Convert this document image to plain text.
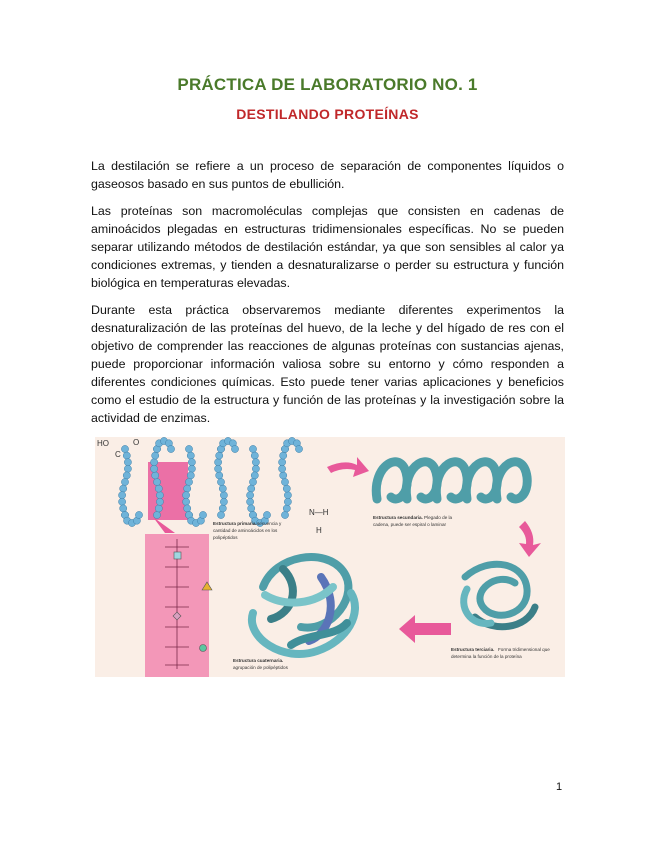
PRÁCTICA DE LABORATORIO NO. 1
DESTILANDO PROTEÍNAS

La destilación se refiere a un proceso de separación de componentes líquidos o gaseosos basado en sus puntos de ebullición.

Las proteínas son macromoléculas complejas que consisten en cadenas de aminoácidos plegadas en estructuras tridimensionales específicas. No se pueden separar utilizando métodos de destilación estándar, ya que son sensibles al calor ya condiciones extremas, y tienden a desnaturalizarse o perder su estructura y función biológica en temperaturas elevadas.

Durante esta práctica observaremos mediante diferentes experimentos la desnaturalización de las proteínas del huevo, de la leche y del hígado de res con el objetivo de comprender las reacciones de algunas proteínas con sustancias ajenas, puede proporcionar información valiosa sobre su entorno y cómo responden a diferentes condiciones químicas. Esto puede tener varias aplicaciones y beneficios como el estudio de la estructura y función de las proteínas y la investigación sobre la actividad de enzimas.

HO
C
O
N—H
H
Estructura primaria. secuencia y
cantidad de aminoácidos en los
polipéptidos
Estructura secundaria. Plegado de la
cadena, puede ser espiral o laminar
Estructura terciaria. Forma tridimensional que
determina la función de la proteína
Estructura cuaternaria.
agrupación de polipéptidos
1
